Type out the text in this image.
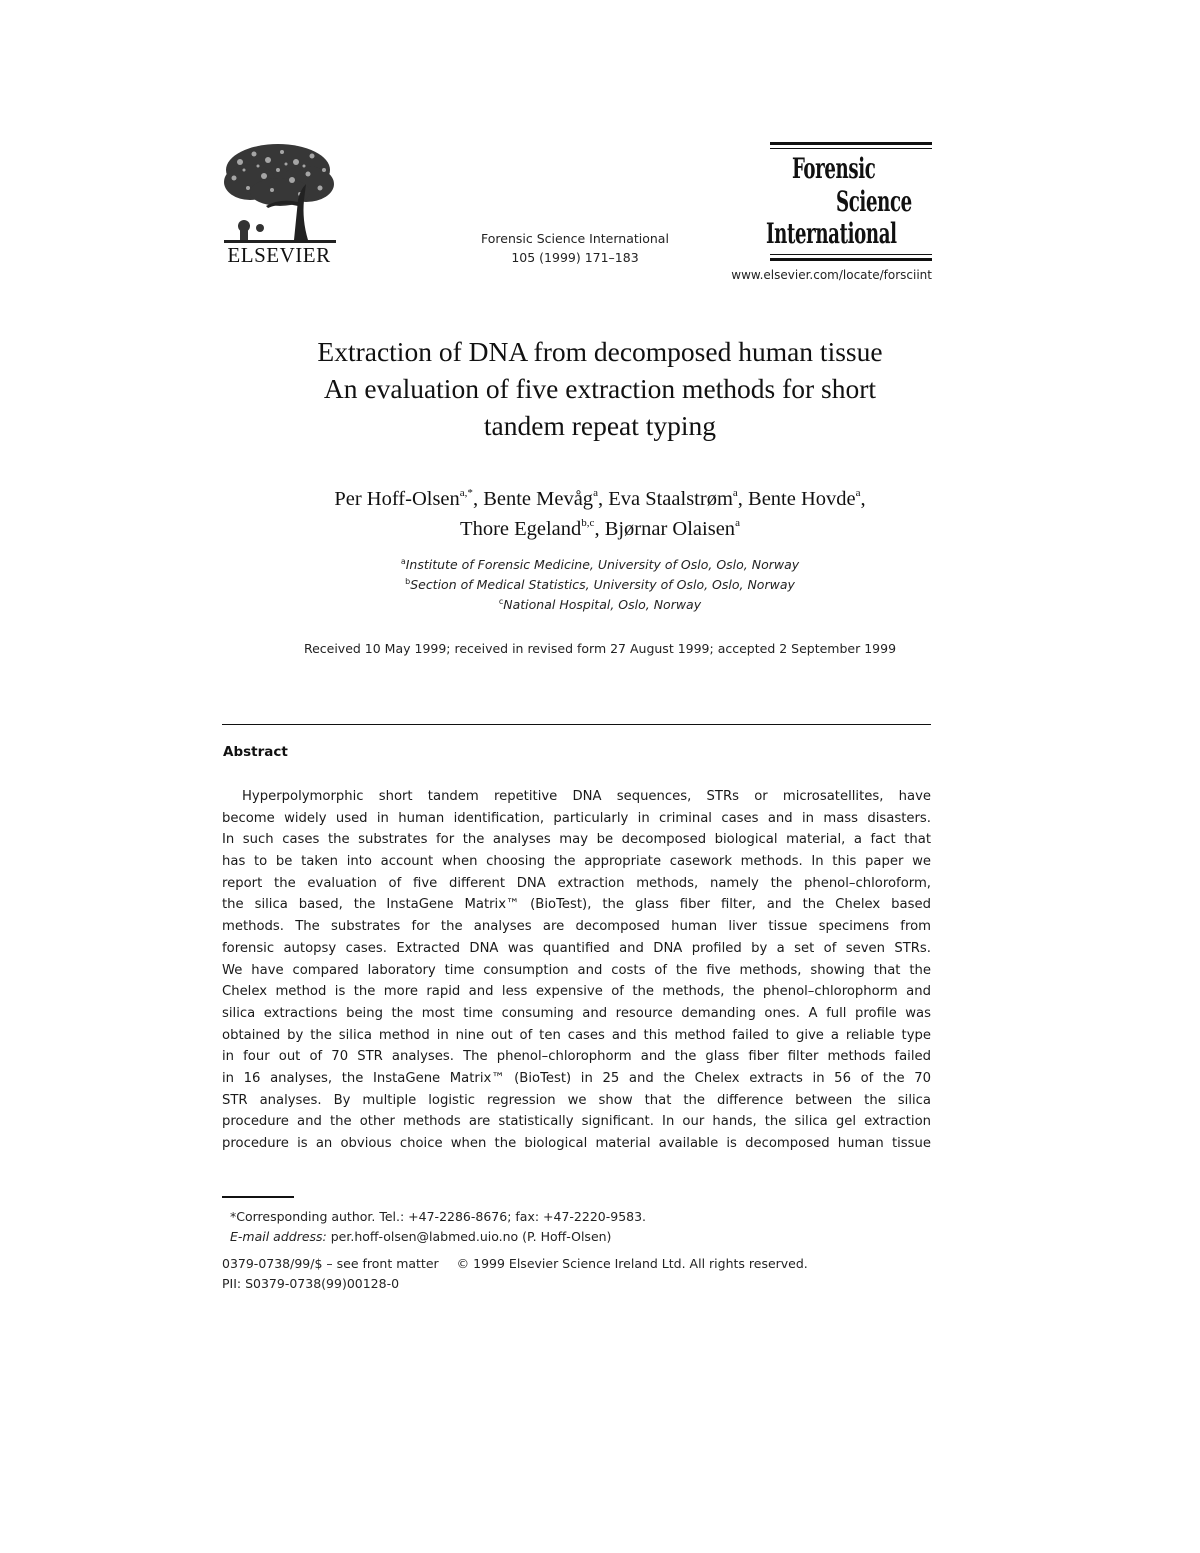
ELSEVIER
Forensic Science International
105 (1999) 171–183
Forensic
Science
International
www.elsevier.com/locate/forsciint
Extraction of DNA from decomposed human tissue
An evaluation of five extraction methods for short
tandem repeat typing
Per Hoff-Olsen$^{a,*}$, Bente Mevåg$^a$, Eva Staalstrøm$^a$, Bente Hovde$^a$,
Thore Egeland$^{b,c}$, Bjørnar Olaisen$^a$
$^a$Institute of Forensic Medicine, University of Oslo, Oslo, Norway
$^b$Section of Medical Statistics, University of Oslo, Oslo, Norway
$^c$National Hospital, Oslo, Norway
Received 10 May 1999; received in revised form 27 August 1999; accepted 2 September 1999
Abstract
Hyperpolymorphic short tandem repetitive DNA sequences, STRs or microsatellites, have
become widely used in human identification, particularly in criminal cases and in mass disasters.
In such cases the substrates for the analyses may be decomposed biological material, a fact that
has to be taken into account when choosing the appropriate casework methods. In this paper we
report the evaluation of five different DNA extraction methods, namely the phenol–chloroform,
the silica based, the InstaGene Matrix™ (BioTest), the glass fiber filter, and the Chelex based
methods. The substrates for the analyses are decomposed human liver tissue specimens from
forensic autopsy cases. Extracted DNA was quantified and DNA profiled by a set of seven STRs.
We have compared laboratory time consumption and costs of the five methods, showing that the
Chelex method is the more rapid and less expensive of the methods, the phenol–chlorophorm and
silica extractions being the most time consuming and resource demanding ones. A full profile was
obtained by the silica method in nine out of ten cases and this method failed to give a reliable type
in four out of 70 STR analyses. The phenol–chlorophorm and the glass fiber filter methods failed
in 16 analyses, the InstaGene Matrix™ (BioTest) in 25 and the Chelex extracts in 56 of the 70
STR analyses. By multiple logistic regression we show that the difference between the silica
procedure and the other methods are statistically significant. In our hands, the silica gel extraction
procedure is an obvious choice when the biological material available is decomposed human tissue
*Corresponding author. Tel.: +47-2286-8676; fax: +47-2220-9583.
E-mail address: per.hoff-olsen@labmed.uio.no (P. Hoff-Olsen)
0379-0738/99/$ – see front matter © 1999 Elsevier Science Ireland Ltd. All rights reserved.
PII: S0379-0738(99)00128-0
